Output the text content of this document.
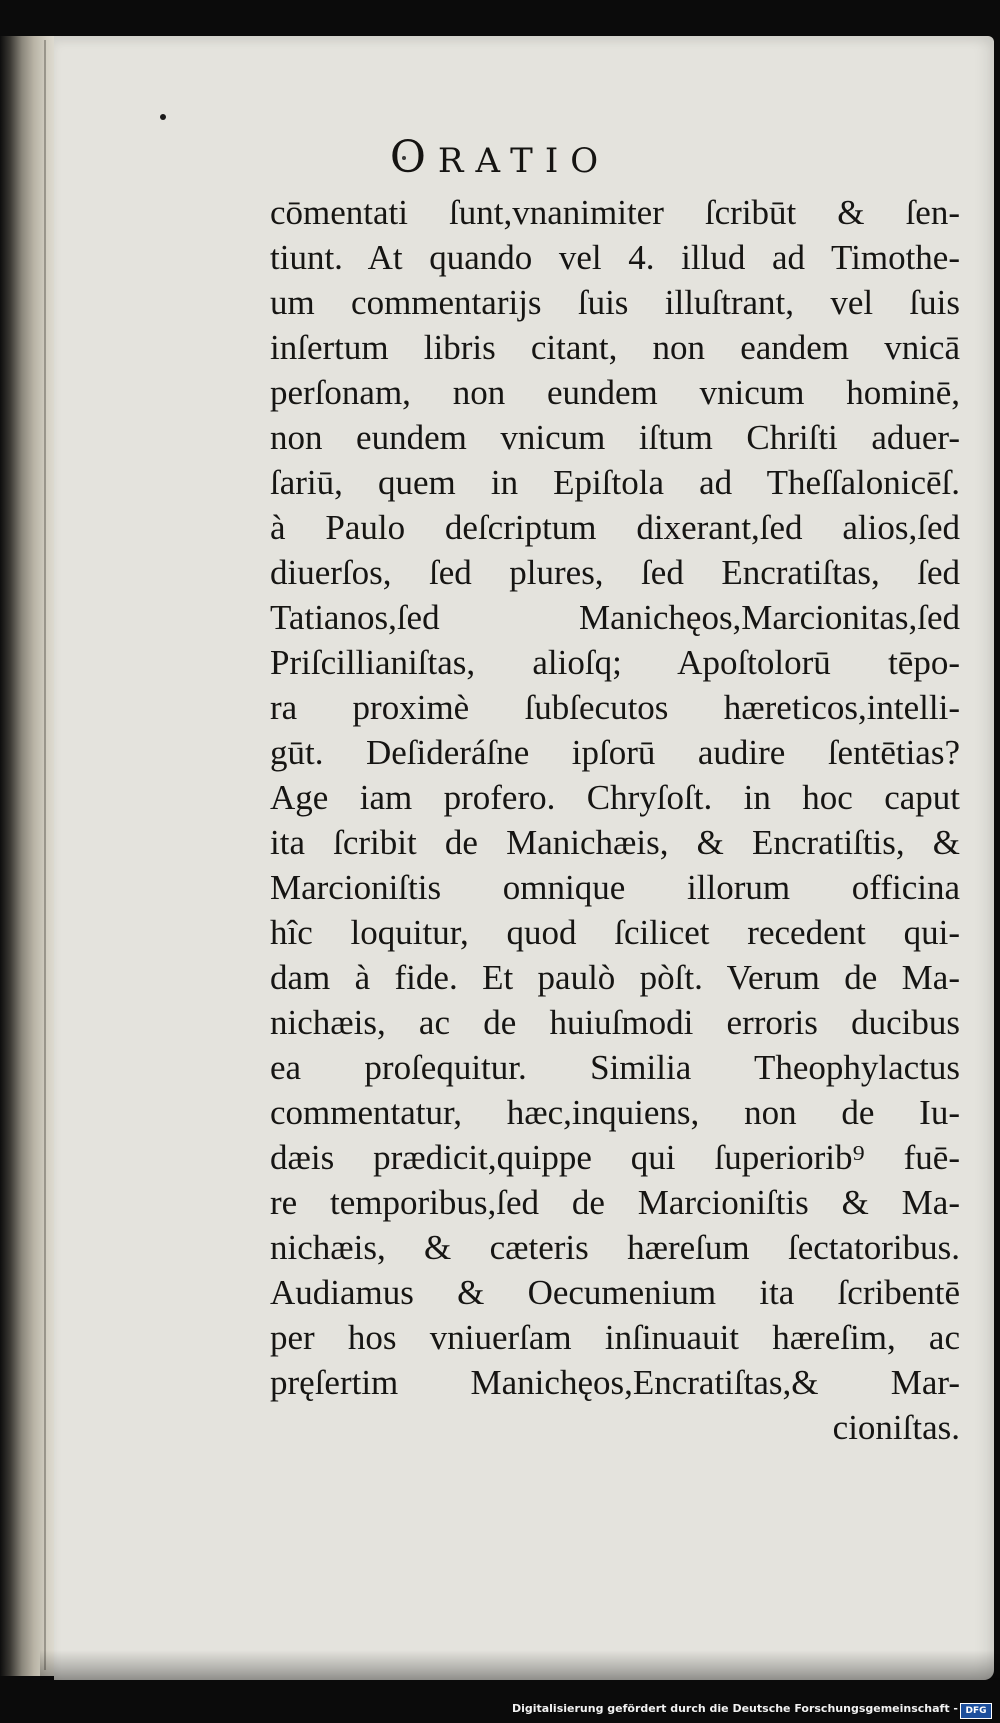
ORATIO
cōmentati ſunt,vnanimiter ſcribūt & ſen-
tiunt. At quando vel 4. illud ad Timothe-
um commentarijs ſuis illuſtrant, vel ſuis
inſertum libris citant, non eandem vnicā
perſonam, non eundem vnicum hominē,
non eundem vnicum iſtum Chriſti aduer-
ſariū, quem in Epiſtola ad Theſſalonicēſ.
à Paulo deſcriptum dixerant,ſed alios,ſed
diuerſos, ſed plures, ſed Encratiſtas, ſed
Tatianos,ſed Manichęos,Marcionitas,ſed
Priſcillianiſtas, alioſq; Apoſtolorū tēpo-
ra proximè ſubſecutos hæreticos,intelli-
gūt. Deſideráſne ipſorū audire ſentētias?
Age iam profero. Chryſoſt. in hoc caput
ita ſcribit de Manichæis, & Encratiſtis, &
Marcioniſtis omnique illorum officina
hîc loquitur, quod ſcilicet recedent qui-
dam à fide. Et paulò pòſt. Verum de Ma-
nichæis, ac de huiuſmodi erroris ducibus
ea proſequitur. Similia Theophylactus
commentatur, hæc,inquiens, non de Iu-
dæis prædicit,quippe qui ſuperiorib⁹ fuē-
re temporibus,ſed de Marcioniſtis & Ma-
nichæis, & cæteris hæreſum ſectatoribus.
Audiamus & Oecumenium ita ſcribentē
per hos vniuerſam inſinuauit hæreſim, ac
pręſertim Manichęos,Encratiſtas,& Mar-
cioniſtas.
Digitalisierung gefördert durch die Deutsche Forschungsgemeinschaft - DFG
